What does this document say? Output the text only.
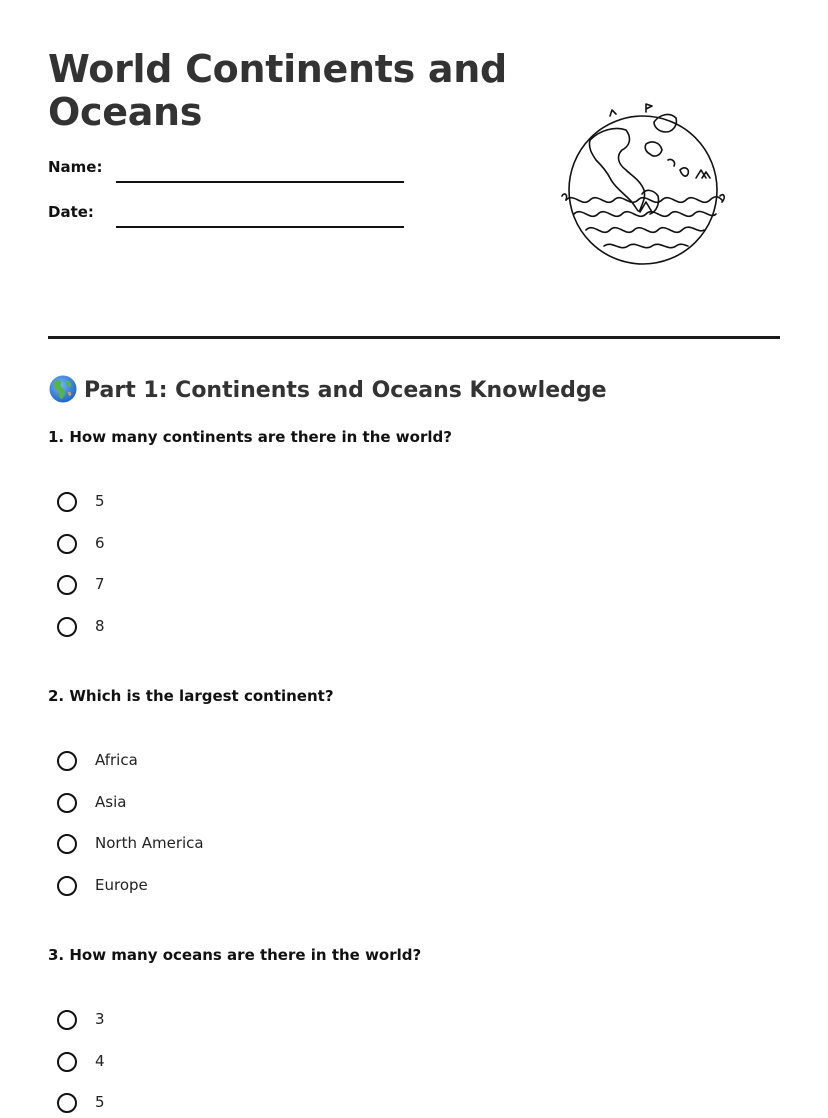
World Continents and Oceans
Name:
Date:
Part 1: Continents and Oceans Knowledge

1. How many continents are there in the world?

5
6
7
8

2. Which is the largest continent?

Africa
Asia
North America
Europe

3. How many oceans are there in the world?

3
4
5
